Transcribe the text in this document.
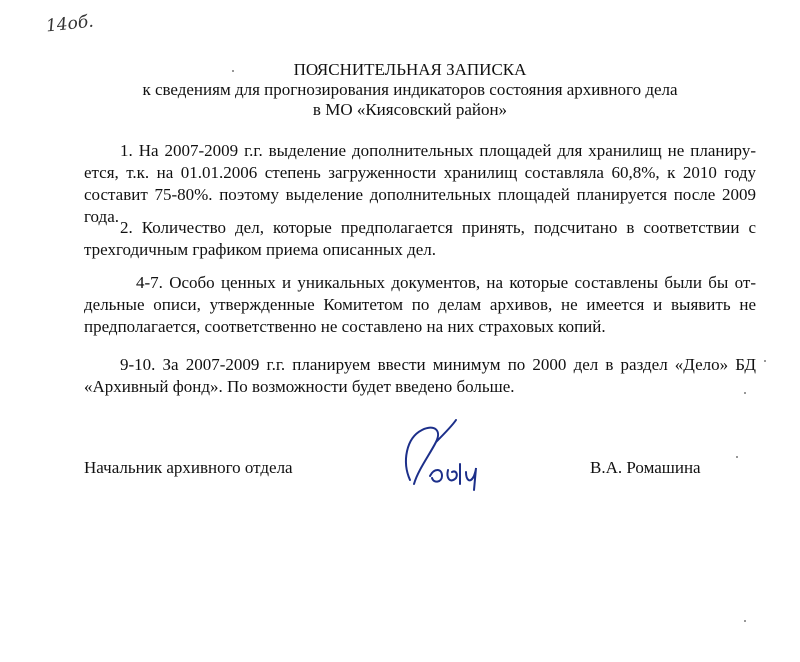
14об.
ПОЯСНИТЕЛЬНАЯ ЗАПИСКА
к сведениям для прогнозирования индикаторов состояния архивного дела
в МО «Киясовский район»
1. На 2007-2009 г.г. выделение дополнительных площадей для хранилищ не планиру-
ется, т.к. на 01.01.2006 степень загруженности хранилищ составляла 60,8%, к 2010 году
составит 75-80%. поэтому выделение дополнительных площадей планируется после 2009
года.
2. Количество дел, которые предполагается принять, подсчитано в соответствии с
трехгодичным графиком приема описанных дел.
4-7. Особо ценных и уникальных документов, на которые составлены были бы от-
дельные описи, утвержденные Комитетом по делам архивов, не имеется и выявить не
предполагается, соответственно не составлено на них страховых копий.
9-10. За 2007-2009 г.г. планируем ввести минимум по 2000 дел в раздел «Дело» БД
«Архивный фонд». По возможности будет введено больше.
Начальник архивного отдела	В.А. Ромашина
